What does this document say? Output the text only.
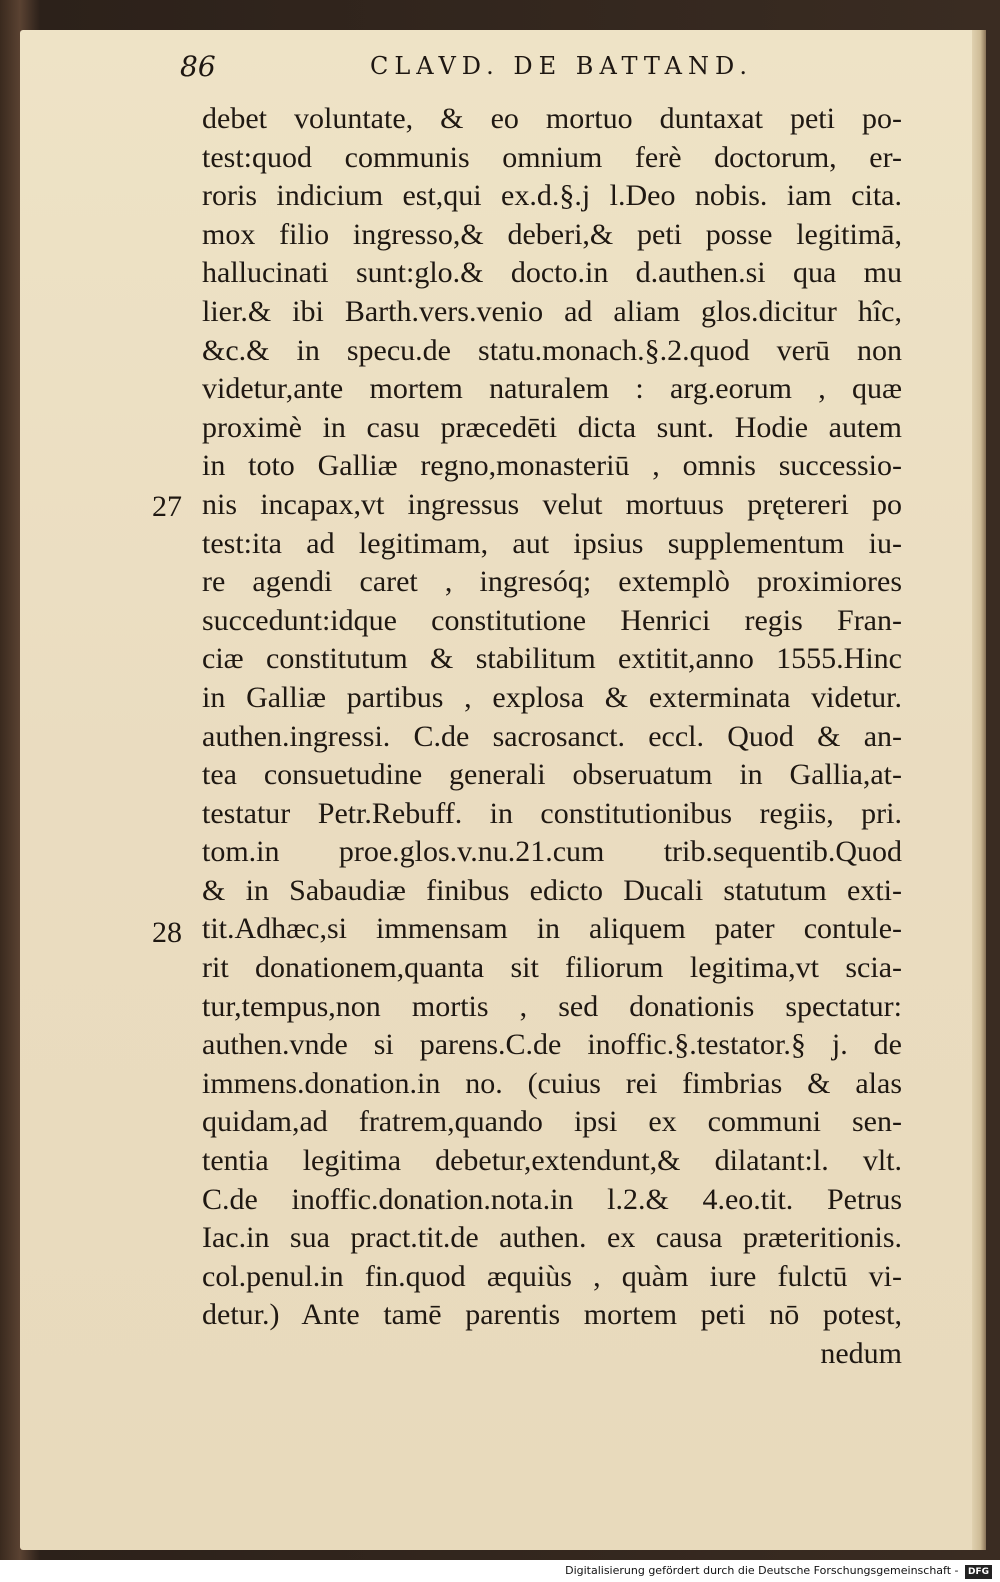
86	CLAVD. DE BATTAND.
27
28
debet voluntate, & eo mortuo duntaxat peti po-
test:quod communis omnium ferè doctorum, er-
roris indicium est,qui ex.d.§.j l.Deo nobis. iam cita.
mox filio ingresso,& deberi,& peti posse legitimā,
hallucinati sunt:glo.& docto.in d.authen.si qua mu
lier.& ibi Barth.vers.venio ad aliam glos.dicitur hîc,
&c.& in specu.de statu.monach.§.2.quod verū non
videtur,ante mortem naturalem : arg.eorum , quæ
proximè in casu præcedēti dicta sunt. Hodie autem
in toto Galliæ regno,monasteriū , omnis successio-
nis incapax,vt ingressus velut mortuus prętereri po
test:ita ad legitimam, aut ipsius supplementum iu-
re agendi caret , ingresóq; extemplò proximiores
succedunt:idque constitutione Henrici regis Fran-
ciæ constitutum & stabilitum extitit,anno 1555.Hinc
in Galliæ partibus , explosa & exterminata videtur.
authen.ingressi. C.de sacrosanct. eccl. Quod & an-
tea consuetudine generali obseruatum in Gallia,at-
testatur Petr.Rebuff. in constitutionibus regiis, pri.
tom.in proe.glos.v.nu.21.cum trib.sequentib.Quod
& in Sabaudiæ finibus edicto Ducali statutum exti-
tit.Adhæc,si immensam in aliquem pater contule-
rit donationem,quanta sit filiorum legitima,vt scia-
tur,tempus,non mortis , sed donationis spectatur:
authen.vnde si parens.C.de inoffic.§.testator.§ j. de
immens.donation.in no. (cuius rei fimbrias & alas
quidam,ad fratrem,quando ipsi ex communi sen-
tentia legitima debetur,extendunt,& dilatant:l. vlt.
C.de inoffic.donation.nota.in l.2.& 4.eo.tit. Petrus
Iac.in sua pract.tit.de authen. ex causa præteritionis.
col.penul.in fin.quod æquiùs , quàm iure fulctū vi-
detur.) Ante tamē parentis mortem peti nō potest,
nedum
Digitalisierung gefördert durch die Deutsche Forschungsgemeinschaft - DFG
